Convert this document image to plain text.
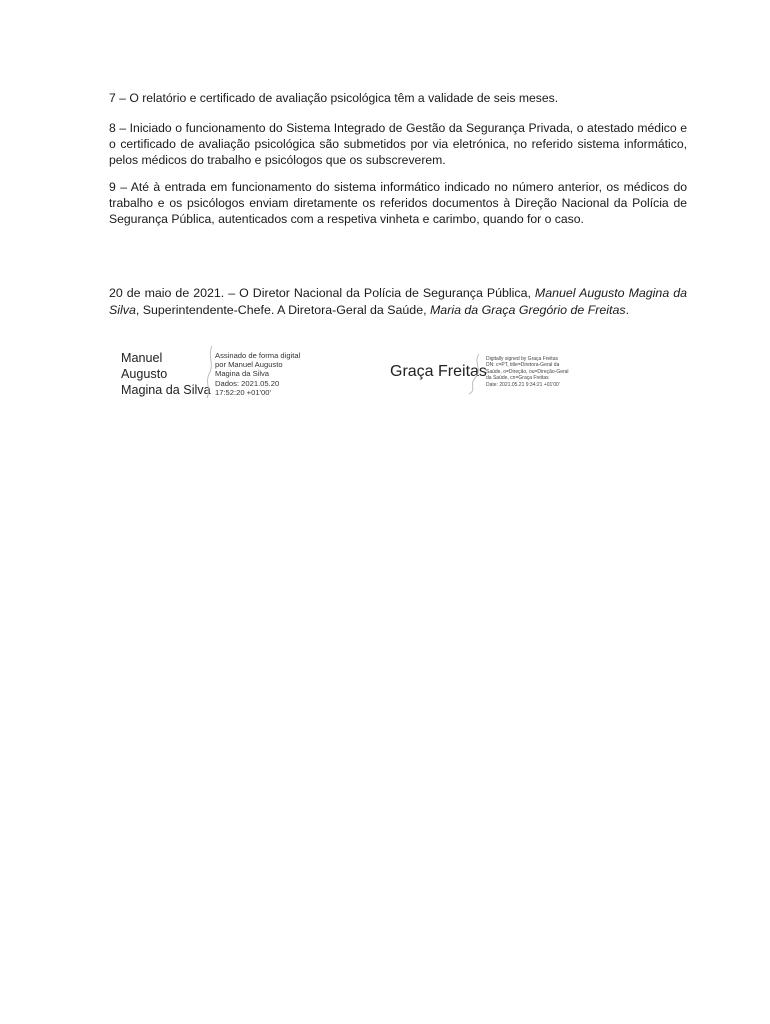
7 – O relatório e certificado de avaliação psicológica têm a validade de seis meses.

8 – Iniciado o funcionamento do Sistema Integrado de Gestão da Segurança Privada, o atestado médico e o certificado de avaliação psicológica são submetidos por via eletrónica, no referido sistema informático, pelos médicos do trabalho e psicólogos que os subscreverem.

9 – Até à entrada em funcionamento do sistema informático indicado no número anterior, os médicos do trabalho e os psicólogos enviam diretamente os referidos documentos à Direção Nacional da Polícia de Segurança Pública, autenticados com a respetiva vinheta e carimbo, quando for o caso.

20 de maio de 2021. – O Diretor Nacional da Polícia de Segurança Pública, Manuel Augusto Magina da Silva, Superintendente-Chefe. A Diretora-Geral da Saúde, Maria da Graça Gregório de Freitas.

Manuel
Augusto
Magina da Silva
Assinado de forma digital
por Manuel Augusto
Magina da Silva
Dados: 2021.05.20
17:52:20 +01'00'
Graça Freitas
Digitally signed by Graça Freitas
DN: c=PT, title=Diretora-Geral da
Saúde, o=Direção, ou=Direção-Geral
da Saúde, cn=Graça Freitas
Date: 2021.05.21 9:34:21 +01'00'
